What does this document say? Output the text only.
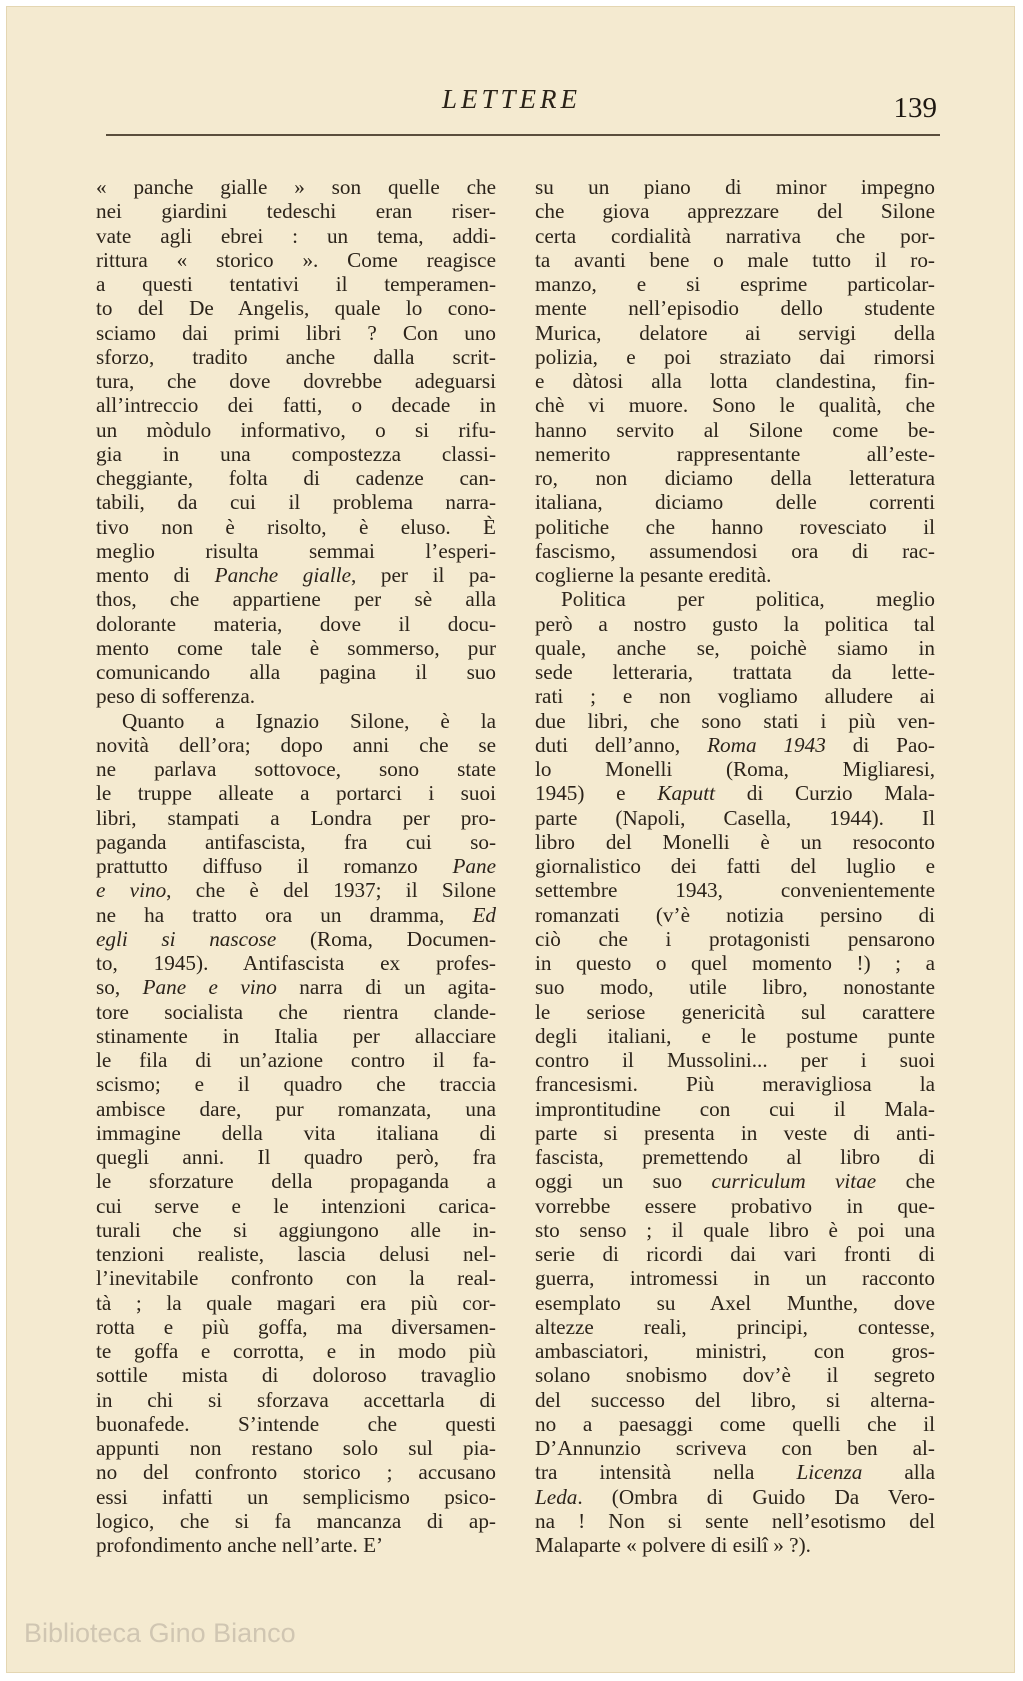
LETTERE	139
« panche gialle » son quelle che
nei giardini tedeschi eran riser-
vate agli ebrei : un tema, addi-
rittura « storico ». Come reagisce
a questi tentativi il temperamen-
to del De Angelis, quale lo cono-
sciamo dai primi libri ? Con uno
sforzo, tradito anche dalla scrit-
tura, che dove dovrebbe adeguarsi
all’intreccio dei fatti, o decade in
un mòdulo informativo, o si rifu-
gia in una compostezza classi-
cheggiante, folta di cadenze can-
tabili, da cui il problema narra-
tivo non è risolto, è eluso. È
meglio risulta semmai l’esperi-
mento di Panche gialle, per il pa-
thos, che appartiene per sè alla
dolorante materia, dove il docu-
mento come tale è sommerso, pur
comunicando alla pagina il suo
peso di sofferenza.
Quanto a Ignazio Silone, è la
novità dell’ora; dopo anni che se
ne parlava sottovoce, sono state
le truppe alleate a portarci i suoi
libri, stampati a Londra per pro-
paganda antifascista, fra cui so-
prattutto diffuso il romanzo Pane
e vino, che è del 1937; il Silone
ne ha tratto ora un dramma, Ed
egli si nascose (Roma, Documen-
to, 1945). Antifascista ex profes-
so, Pane e vino narra di un agita-
tore socialista che rientra clande-
stinamente in Italia per allacciare
le fila di un’azione contro il fa-
scismo; e il quadro che traccia
ambisce dare, pur romanzata, una
immagine della vita italiana di
quegli anni. Il quadro però, fra
le sforzature della propaganda a
cui serve e le intenzioni carica-
turali che si aggiungono alle in-
tenzioni realiste, lascia delusi nel-
l’inevitabile confronto con la real-
tà ; la quale magari era più cor-
rotta e più goffa, ma diversamen-
te goffa e corrotta, e in modo più
sottile mista di doloroso travaglio
in chi si sforzava accettarla di
buonafede. S’intende che questi
appunti non restano solo sul pia-
no del confronto storico ; accusano
essi infatti un semplicismo psico-
logico, che si fa mancanza di ap-
profondimento anche nell’arte. E’
su un piano di minor impegno
che giova apprezzare del Silone
certa cordialità narrativa che por-
ta avanti bene o male tutto il ro-
manzo, e si esprime particolar-
mente nell’episodio dello studente
Murica, delatore ai servigi della
polizia, e poi straziato dai rimorsi
e dàtosi alla lotta clandestina, fin-
chè vi muore. Sono le qualità, che
hanno servito al Silone come be-
nemerito rappresentante all’este-
ro, non diciamo della letteratura
italiana, diciamo delle correnti
politiche che hanno rovesciato il
fascismo, assumendosi ora di rac-
coglierne la pesante eredità.
Politica per politica, meglio
però a nostro gusto la politica tal
quale, anche se, poichè siamo in
sede letteraria, trattata da lette-
rati ; e non vogliamo alludere ai
due libri, che sono stati i più ven-
duti dell’anno, Roma 1943 di Pao-
lo Monelli (Roma, Migliaresi,
1945) e Kaputt di Curzio Mala-
parte (Napoli, Casella, 1944). Il
libro del Monelli è un resoconto
giornalistico dei fatti del luglio e
settembre 1943, convenientemente
romanzati (v’è notizia persino di
ciò che i protagonisti pensarono
in questo o quel momento !) ; a
suo modo, utile libro, nonostante
le seriose genericità sul carattere
degli italiani, e le postume punte
contro il Mussolini... per i suoi
francesismi. Più meravigliosa la
improntitudine con cui il Mala-
parte si presenta in veste di anti-
fascista, premettendo al libro di
oggi un suo curriculum vitae che
vorrebbe essere probativo in que-
sto senso ; il quale libro è poi una
serie di ricordi dai vari fronti di
guerra, intromessi in un racconto
esemplato su Axel Munthe, dove
altezze reali, principi, contesse,
ambasciatori, ministri, con gros-
solano snobismo dov’è il segreto
del successo del libro, si alterna-
no a paesaggi come quelli che il
D’Annunzio scriveva con ben al-
tra intensità nella Licenza alla
Leda. (Ombra di Guido Da Vero-
na ! Non si sente nell’esotismo del
Malaparte « polvere di esilî » ?).
Biblioteca Gino Bianco
